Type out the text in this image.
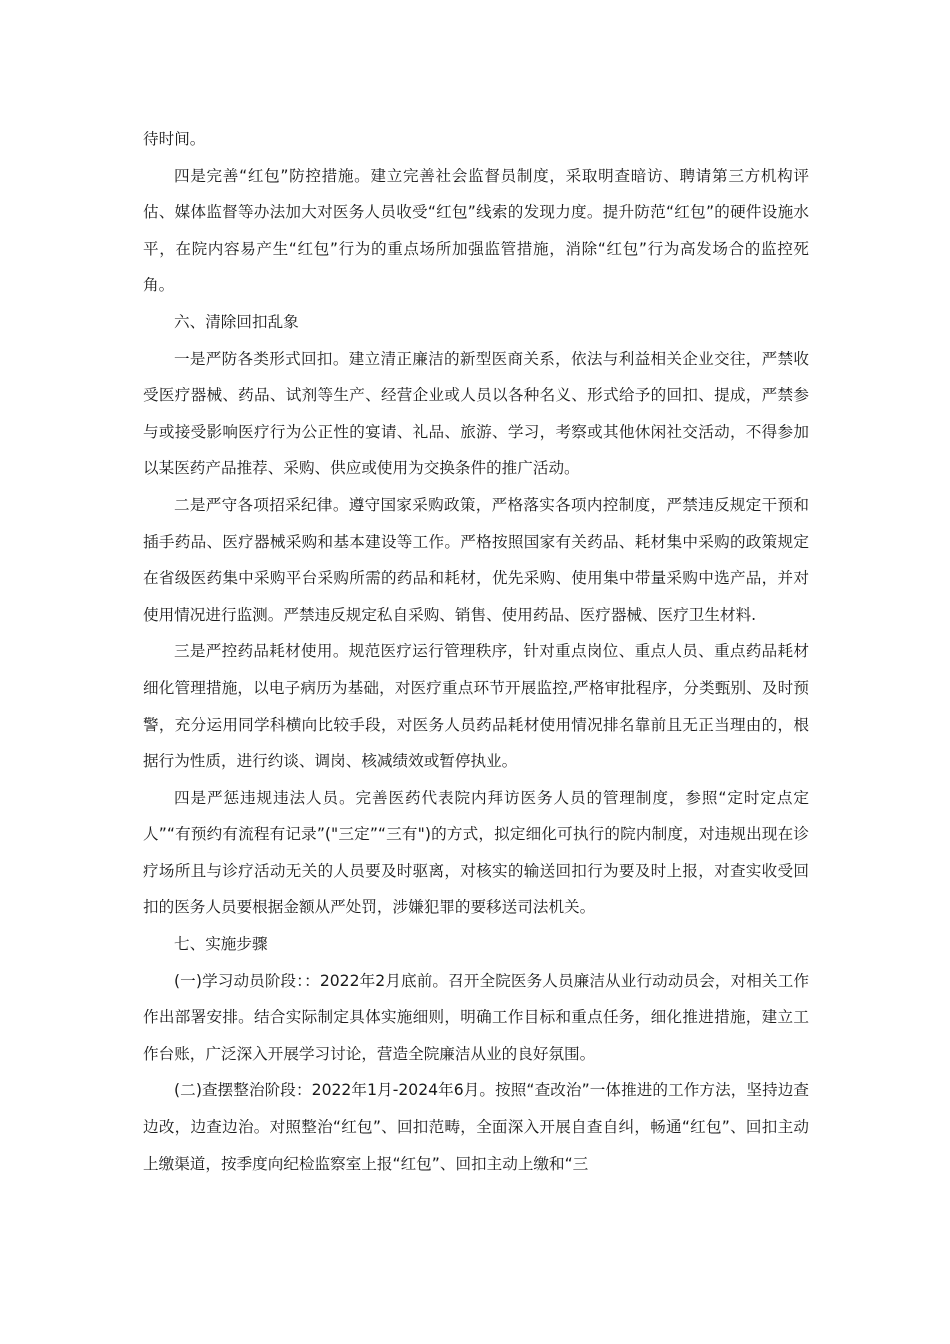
待时间。

四是完善“红包”防控措施。建立完善社会监督员制度，采取明查暗访、聘请第三方机构评估、媒体监督等办法加大对医务人员收受“红包”线索的发现力度。提升防范“红包”的硬件设施水平，在院内容易产生“红包”行为的重点场所加强监管措施，消除“红包”行为高发场合的监控死角。

六、清除回扣乱象

一是严防各类形式回扣。建立清正廉洁的新型医商关系，依法与利益相关企业交往，严禁收受医疗器械、药品、试剂等生产、经营企业或人员以各种名义、形式给予的回扣、提成，严禁参与或接受影响医疗行为公正性的宴请、礼品、旅游、学习，考察或其他休闲社交活动，不得参加以某医药产品推荐、采购、供应或使用为交换条件的推广活动。

二是严守各项招采纪律。遵守国家采购政策，严格落实各项内控制度，严禁违反规定干预和插手药品、医疗器械采购和基本建设等工作。严格按照国家有关药品、耗材集中采购的政策规定在省级医药集中采购平台采购所需的药品和耗材，优先采购、使用集中带量采购中选产品，并对使用情况进行监测。严禁违反规定私自采购、销售、使用药品、医疗器械、医疗卫生材料.

三是严控药品耗材使用。规范医疗运行管理秩序，针对重点岗位、重点人员、重点药品耗材细化管理措施，以电子病历为基础，对医疗重点环节开展监控,严格审批程序，分类甄别、及时预警，充分运用同学科横向比较手段，对医务人员药品耗材使用情况排名靠前且无正当理由的，根据行为性质，进行约谈、调岗、核减绩效或暂停执业。

四是严惩违规违法人员。完善医药代表院内拜访医务人员的管理制度，参照“定时定点定人”“有预约有流程有记录”("三定”“三有")的方式，拟定细化可执行的院内制度，对违规出现在诊疗场所且与诊疗活动无关的人员要及时驱离，对核实的输送回扣行为要及时上报，对查实收受回扣的医务人员要根据金额从严处罚，涉嫌犯罪的要移送司法机关。

七、实施步骤

(一)学习动员阶段：：2022年2月底前。召开全院医务人员廉洁从业行动动员会，对相关工作作出部署安排。结合实际制定具体实施细则，明确工作目标和重点任务，细化推进措施，建立工作台账，广泛深入开展学习讨论，营造全院廉洁从业的良好氛围。

(二)查摆整治阶段：2022年1月-2024年6月。按照“查改治”一体推进的工作方法，坚持边查边改，边查边治。对照整治“红包”、回扣范畴，全面深入开展自查自纠，畅通“红包”、回扣主动上缴渠道，按季度向纪检监察室上报“红包”、回扣主动上缴和“三
